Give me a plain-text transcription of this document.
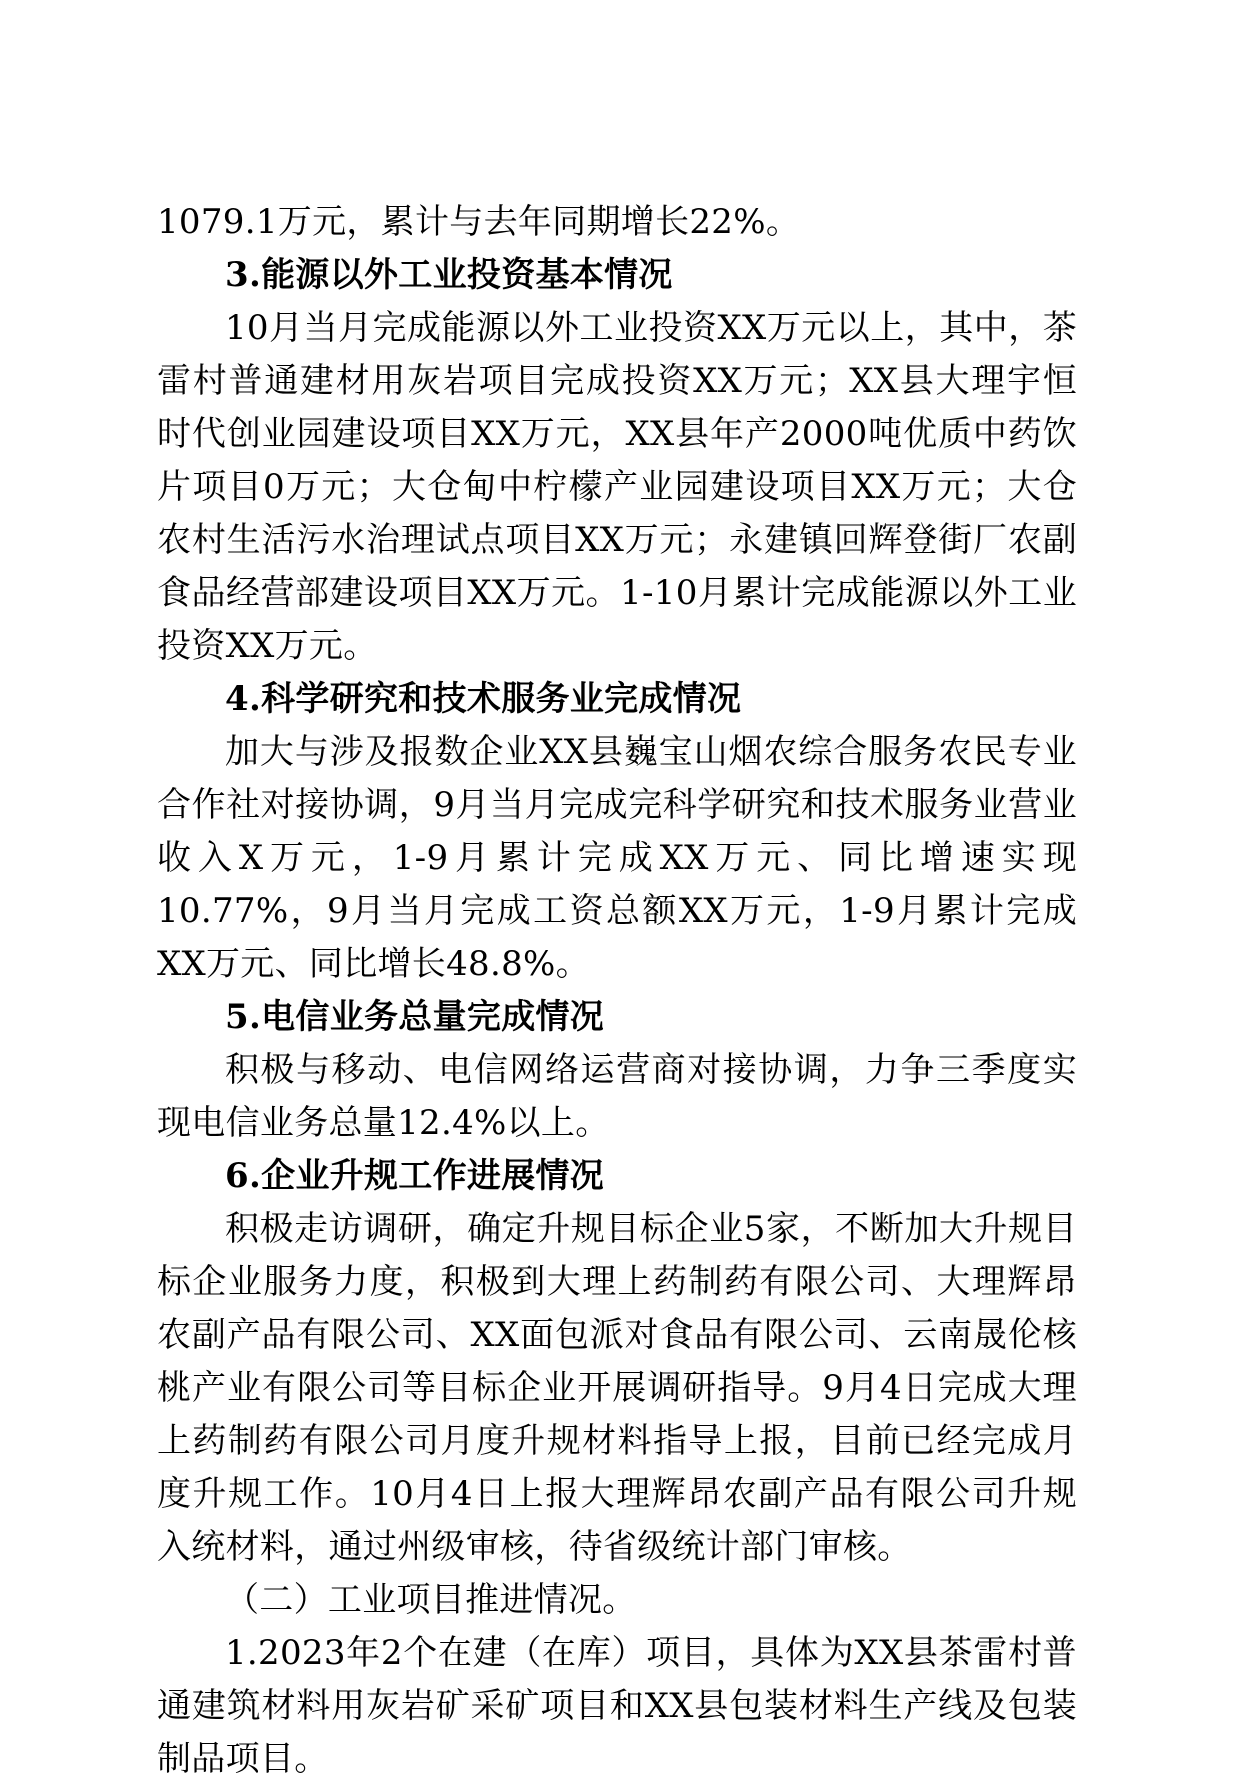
1079.1万元，累计与去年同期增长22%。

3.能源以外工业投资基本情况

10月当月完成能源以外工业投资XX万元以上，其中，茶雷村普通建材用灰岩项目完成投资XX万元；XX县大理宇恒时代创业园建设项目XX万元，XX县年产2000吨优质中药饮片项目0万元；大仓甸中柠檬产业园建设项目XX万元；大仓农村生活污水治理试点项目XX万元；永建镇回辉登街厂农副食品经营部建设项目XX万元。1-10月累计完成能源以外工业投资XX万元。

4.科学研究和技术服务业完成情况

加大与涉及报数企业XX县巍宝山烟农综合服务农民专业合作社对接协调，9月当月完成完科学研究和技术服务业营业收入X万元，1-9月累计完成XX万元、同比增速实现10.77%，9月当月完成工资总额XX万元，1-9月累计完成XX万元、同比增长48.8%。

5.电信业务总量完成情况

积极与移动、电信网络运营商对接协调，力争三季度实现电信业务总量12.4%以上。

6.企业升规工作进展情况

积极走访调研，确定升规目标企业5家，不断加大升规目标企业服务力度，积极到大理上药制药有限公司、大理辉昂农副产品有限公司、XX面包派对食品有限公司、云南晟伦核桃产业有限公司等目标企业开展调研指导。9月4日完成大理上药制药有限公司月度升规材料指导上报，目前已经完成月度升规工作。10月4日上报大理辉昂农副产品有限公司升规入统材料，通过州级审核，待省级统计部门审核。

（二）工业项目推进情况。

1.2023年2个在建（在库）项目，具体为XX县茶雷村普通建筑材料用灰岩矿采矿项目和XX县包装材料生产线及包装制品项目。
